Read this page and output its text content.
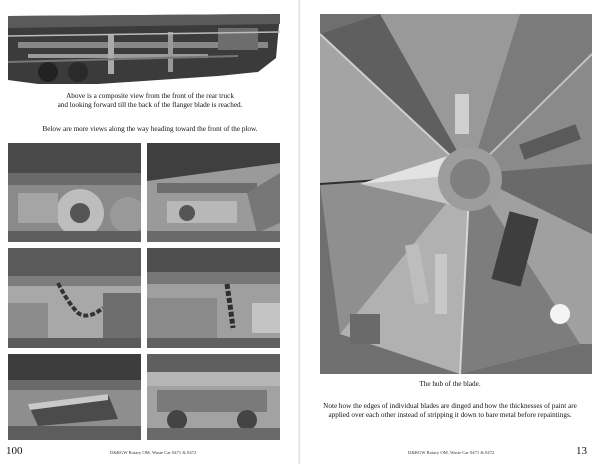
Above is a composite view from the front of the rear truck
and looking forward till the back of the flanger blade is reached.
Below are more views along the way heading toward the front of the plow.
100	D&RGW Rotary OM, Waste Car 0471 & 0472
The hub of the blade.
Note how the edges of individual blades are dinged and how the thicknesses of paint are
applied over each other instead of stripping it down to bare metal before repaintings.
D&RGW Rotary OM, Waste Car 0471 & 0472	13
